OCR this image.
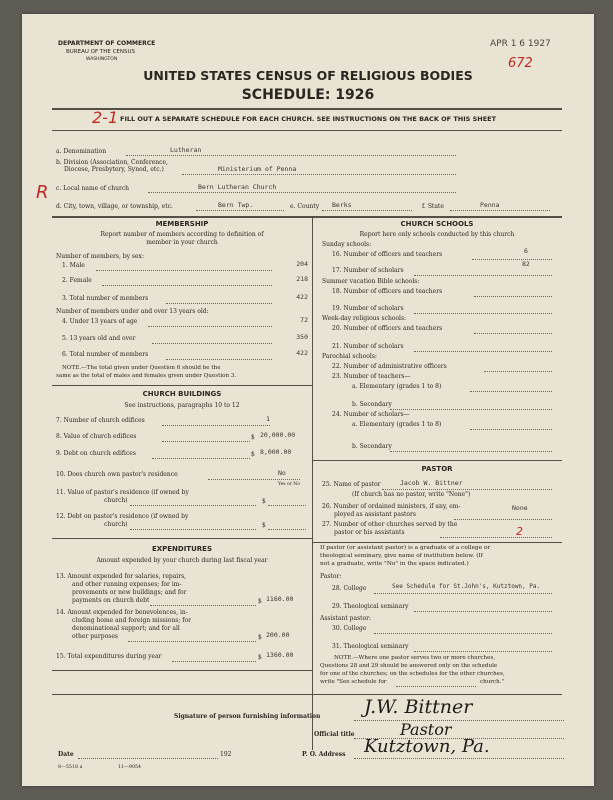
DEPARTMENT OF COMMERCE
BUREAU OF THE CENSUS
WASHINGTON
APR 1 6 1927
672
UNITED STATES CENSUS OF RELIGIOUS BODIES
SCHEDULE: 1926
2-1 FILL OUT A SEPARATE SCHEDULE FOR EACH CHURCH. SEE INSTRUCTIONS ON THE BACK OF THIS SHEET
a. Denomination	Lutheran
b. Division (Association, Conference,
Diocese, Presbytery, Synod, etc.)	Ministerium of Penna
c. Local name of church	Bern Lutheran Church
R
d. City, town, village, or township, etc.	Bern Twp.	e. County Berks	f. State	Penna
MEMBERSHIP
Report number of members according to definition of
member in your church
Number of members, by sex:
1. Male	204
2. Female	218
3. Total number of members	422
Number of members under and over 13 years old:
4. Under 13 years of age	72
5. 13 years old and over	350
6. Total number of members	422
NOTE.—The total given under Question 6 should be the
same as the total of males and females given under Question 3.
CHURCH BUILDINGS
See instructions, paragraphs 10 to 12
7. Number of church edifices	1
8. Value of church edifices	$ 20,000.00
9. Debt on church edifices	$ 8,000.00
10. Does church own pastor's residence	No
Yes or No
11. Value of pastor's residence (if owned by
church)	$
12. Debt on pastor's residence (if owned by
church)	$
EXPENDITURES
Amount expended by your church during last fiscal year
13. Amount expended for salaries, repairs,
and other running expenses; for im-
provements or new buildings; and for
payments on church debt	$ 1160.00
14. Amount expended for benevolences, in-
cluding home and foreign missions; for
denominational support; and for all
other purposes	$ 200.00
15. Total expenditures during year	$ 1360.00
CHURCH SCHOOLS
Report here only schools conducted by this church
Sunday schools:
16. Number of officers and teachers	6
17. Number of scholars
82
Summer vacation Bible schools:
18. Number of officers and teachers
19. Number of scholars
Week-day religious schools:
20. Number of officers and teachers
21. Number of scholars
Parochial schools:
22. Number of administrative officers
23. Number of teachers—
a. Elementary (grades 1 to 8)
b. Secondary
24. Number of scholars—
a. Elementary (grades 1 to 8)
b. Secondary
PASTOR
25. Name of pastor	Jacob W. Bittner
(If church has no pastor, write "None")
26. Number of ordained ministers, if any, em-
ployed as assistant pastors
None
27. Number of other churches served by the
pastor or his assistants	2
If pastor (or assistant pastor) is a graduate of a college or
theological seminary, give name of institution below. (If
not a graduate, write "No" in the space indicated.)
Pastor:
28. College	See Schedule for St.John's, Kutztown, Pa.
29. Theological seminary
Assistant pastor:
30. College
31. Theological seminary
NOTE.—Where one pastor serves two or more churches,
Questions 28 and 29 should be answered only on the schedule
for one of the churches; on the schedules for the other churches,
write "See schedule for	church."
Signature of person furnishing information J.W. Bittner
Official title	Pastor
Date	192	P. O. Address Kutztown, Pa.
8—5518 a	11—9054
